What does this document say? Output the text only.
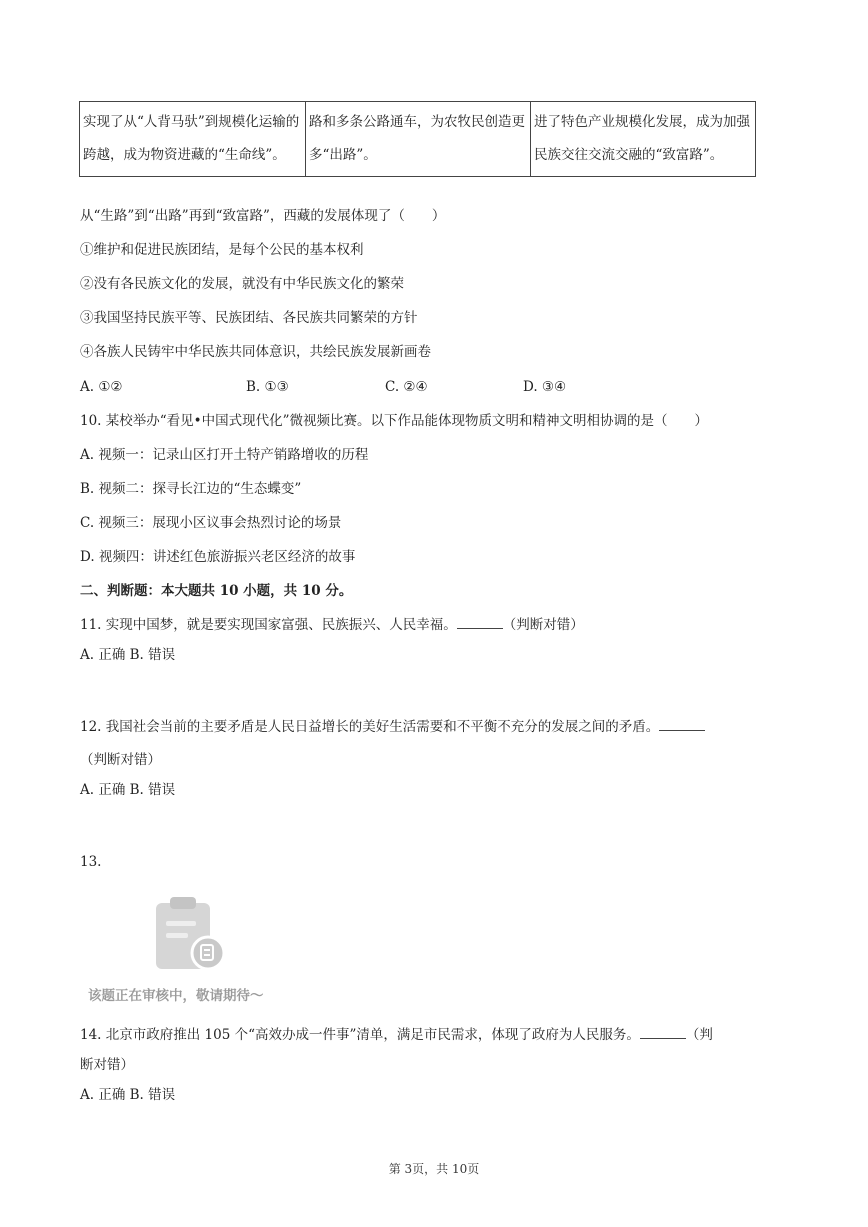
实现了从“人背马驮”到规模化运输的跨越，成为物资进藏的“生命线”。	路和多条公路通车，为农牧民创造更多“出路”。	进了特色产业规模化发展，成为加强民族交往交流交融的“致富路”。
从“生路”到“出路”再到“致富路”，西藏的发展体现了（　　）
①维护和促进民族团结，是每个公民的基本权利
②没有各民族文化的发展，就没有中华民族文化的繁荣
③我国坚持民族平等、民族团结、各民族共同繁荣的方针
④各族人民铸牢中华民族共同体意识，共绘民族发展新画卷
A. ①②	B. ①③	C. ②④	D. ③④
10. 某校举办“看见•中国式现代化”微视频比赛。以下作品能体现物质文明和精神文明相协调的是（　　）
A. 视频一：记录山区打开土特产销路增收的历程
B. 视频二：探寻长江边的“生态蝶变”
C. 视频三：展现小区议事会热烈讨论的场景
D. 视频四：讲述红色旅游振兴老区经济的故事
二、判断题：本大题共 10 小题，共 10 分。
11. 实现中国梦，就是要实现国家富强、民族振兴、人民幸福。	（判断对错）
A. 正确 B. 错误
12. 我国社会当前的主要矛盾是人民日益增长的美好生活需要和不平衡不充分的发展之间的矛盾。
（判断对错）
A. 正确 B. 错误
13.
该题正在审核中，敬请期待～
14. 北京市政府推出 105 个“高效办成一件事”清单，满足市民需求，体现了政府为人民服务。	（判
断对错）
A. 正确 B. 错误
第 3页，共 10页
